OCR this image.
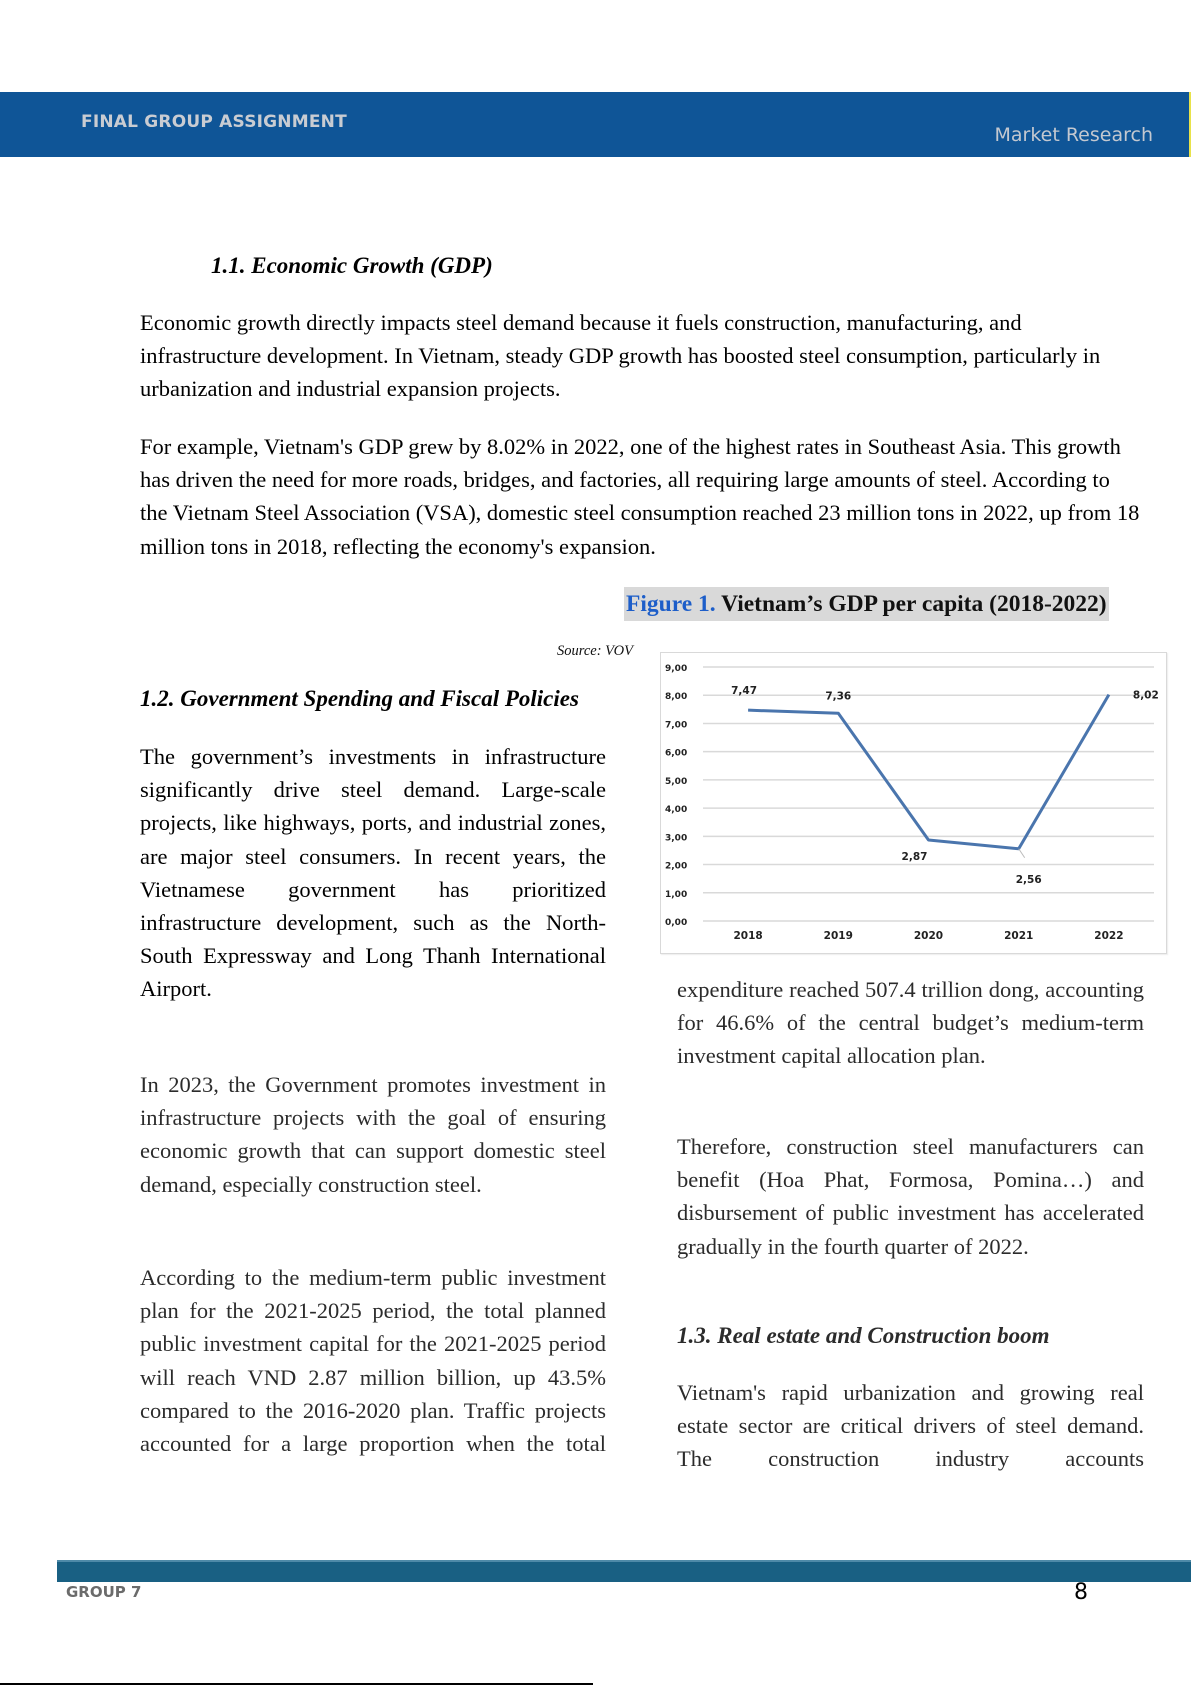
FINAL GROUP ASSIGNMENT
Market Research
1.1. Economic Growth (GDP)

Economic growth directly impacts steel demand because it fuels construction, manufacturing, and infrastructure development. In Vietnam, steady GDP growth has boosted steel consumption, particularly in urbanization and industrial expansion projects.

For example, Vietnam's GDP grew by 8.02% in 2022, one of the highest rates in Southeast Asia. This growth has driven the need for more roads, bridges, and factories, all requiring large amounts of steel. According to the Vietnam Steel Association (VSA), domestic steel consumption reached 23 million tons in 2022, up from 18 million tons in 2018, reflecting the economy's expansion.

Figure 1. Vietnam’s GDP per capita (2018-2022)
Source: VOV
0,00
1,00
2,00
3,00
4,00
5,00
6,00
7,00
8,00
9,00
2018	2019	2020	2021	2022
7,47	7,36
2,87
2,56
8,02
1.2. Government Spending and Fiscal Policies

The government’s investments in infrastructure significantly drive steel demand. Large-scale projects, like highways, ports, and industrial zones, are major steel consumers. In recent years, the Vietnamese government has prioritized infrastructure development, such as the North-South Expressway and Long Thanh International Airport.

In 2023, the Government promotes investment in infrastructure projects with the goal of ensuring economic growth that can support domestic steel demand, especially construction steel.

According to the medium-term public investment plan for the 2021-2025 period, the total planned public investment capital for the 2021-2025 period will reach VND 2.87 million billion, up 43.5% compared to the 2016-2020 plan. Traffic projects accounted for a large proportion when the total

expenditure reached 507.4 trillion dong, accounting for 46.6% of the central budget’s medium-term investment capital allocation plan.

Therefore, construction steel manufacturers can benefit (Hoa Phat, Formosa, Pomina…) and disbursement of public investment has accelerated gradually in the fourth quarter of 2022.

1.3. Real estate and Construction boom

Vietnam's rapid urbanization and growing real estate sector are critical drivers of steel demand. The construction industry accounts

GROUP 7	8
